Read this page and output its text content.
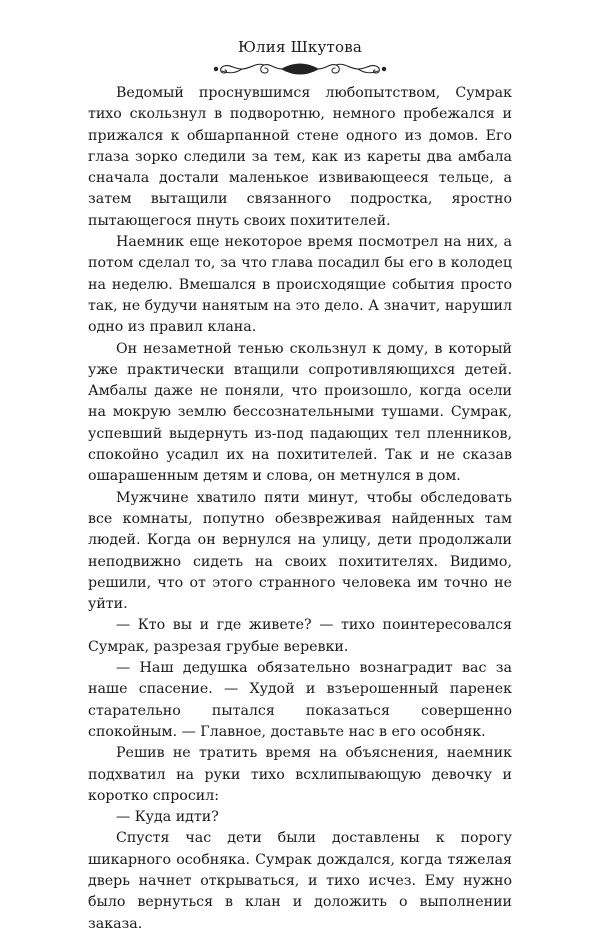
Юлия Шкутова

Ведомый проснувшимся любопытством, Сумрак тихо скользнул в подворотню, немного пробежался и прижался к обшарпанной стене одного из домов. Его глаза зорко следили за тем, как из кареты два амбала сначала достали маленькое извивающееся тельце, а затем вытащили связанного подростка, яростно пытающегося пнуть своих похитителей.

Наемник еще некоторое время посмотрел на них, а потом сделал то, за что глава посадил бы его в колодец на неделю. Вмешался в происходящие события просто так, не будучи нанятым на это дело. А значит, нарушил одно из правил клана.

Он незаметной тенью скользнул к дому, в который уже практически втащили сопротивляющихся детей. Амбалы даже не поняли, что произошло, когда осели на мокрую землю бессознательными тушами. Сумрак, успевший выдернуть из-под падающих тел пленников, спокойно усадил их на похитителей. Так и не сказав ошарашенным детям и слова, он метнулся в дом.

Мужчине хватило пяти минут, чтобы обследовать все комнаты, попутно обезвреживая найденных там людей. Когда он вернулся на улицу, дети продолжали неподвижно сидеть на своих похитителях. Видимо, решили, что от этого странного человека им точно не уйти.

— Кто вы и где живете? — тихо поинтересовался Сумрак, разрезая грубые веревки.

— Наш дедушка обязательно вознаградит вас за наше спасение. — Худой и взъерошенный паренек старательно пытался показаться совершенно спокойным. — Главное, доставьте нас в его особняк.

Решив не тратить время на объяснения, наемник подхватил на руки тихо всхлипывающую девочку и коротко спросил:

— Куда идти?

Спустя час дети были доставлены к порогу шикарного особняка. Сумрак дождался, когда тяжелая дверь начнет открываться, и тихо исчез. Ему нужно было вернуться в клан и доложить о выполнении заказа.
